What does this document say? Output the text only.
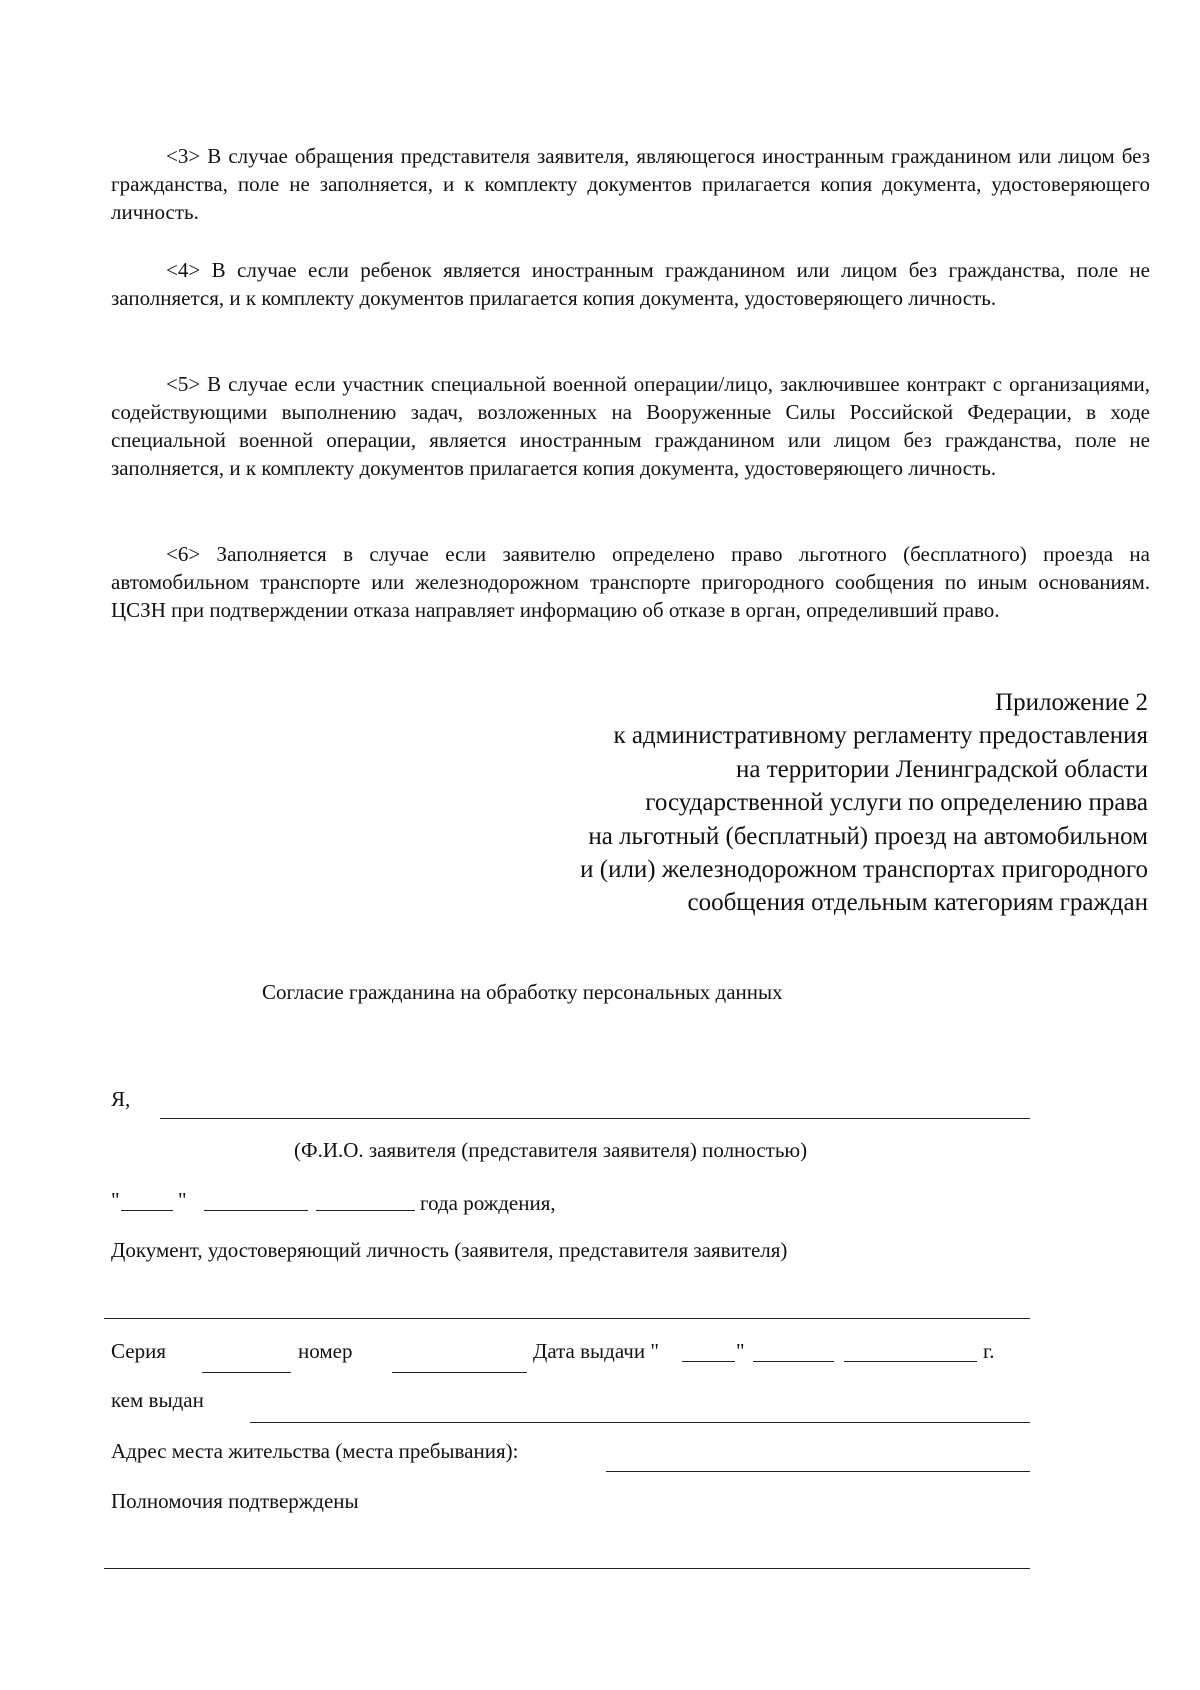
<3> В случае обращения представителя заявителя, являющегося иностранным гражданином или лицом без гражданства, поле не заполняется, и к комплекту документов прилагается копия документа, удостоверяющего личность.

<4> В случае если ребенок является иностранным гражданином или лицом без гражданства, поле не заполняется, и к комплекту документов прилагается копия документа, удостоверяющего личность.

<5> В случае если участник специальной военной операции/лицо, заключившее контракт с организациями, содействующими выполнению задач, возложенных на Вооруженные Силы Российской Федерации, в ходе специальной военной операции, является иностранным гражданином или лицом без гражданства, поле не заполняется, и к комплекту документов прилагается копия документа, удостоверяющего личность.

<6> Заполняется в случае если заявителю определено право льготного (бесплатного) проезда на автомобильном транспорте или железнодорожном транспорте пригородного сообщения по иным основаниям. ЦСЗН при подтверждении отказа направляет информацию об отказе в орган, определивший право.

Приложение 2
к административному регламенту предоставления
на территории Ленинградской области
государственной услуги по определению права
на льготный (бесплатный) проезд на автомобильном
и (или) железнодорожном транспортах пригородного
сообщения отдельным категориям граждан

Согласие гражданина на обработку персональных данных

Я,

(Ф.И.О. заявителя (представителя заявителя) полностью)

"	"	года рождения,

Документ, удостоверяющий личность (заявителя, представителя заявителя)

Серия	номер	Дата выдачи "	"	г.

кем выдан

Адрес места жительства (места пребывания):

Полномочия подтверждены
